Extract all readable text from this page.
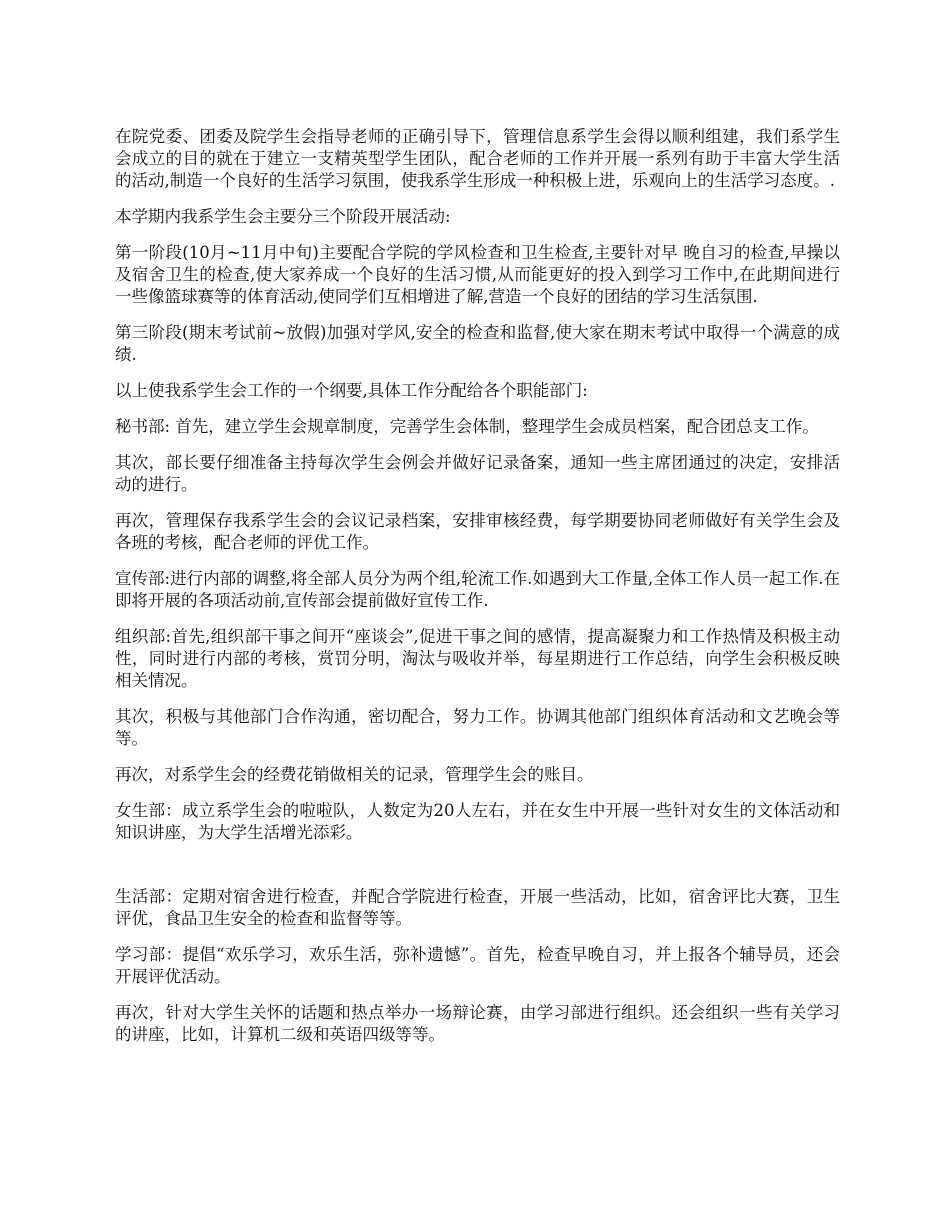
在院党委、团委及院学生会指导老师的正确引导下，管理信息系学生会得以顺利组建，我们系学生会成立的目的就在于建立一支精英型学生团队，配合老师的工作并开展一系列有助于丰富大学生活的活动,制造一个良好的生活学习氛围，使我系学生形成一种积极上进，乐观向上的生活学习态度。.

本学期内我系学生会主要分三个阶段开展活动:

第一阶段(10月~11月中旬)主要配合学院的学风检查和卫生检查,主要针对早 晚自习的检查,早操以及宿舍卫生的检查,使大家养成一个良好的生活习惯,从而能更好的投入到学习工作中,在此期间进行一些像篮球赛等的体育活动,使同学们互相增进了解,营造一个良好的团结的学习生活氛围.

第三阶段(期末考试前~放假)加强对学风,安全的检查和监督,使大家在期末考试中取得一个满意的成绩.

以上使我系学生会工作的一个纲要,具体工作分配给各个职能部门:

秘书部: 首先，建立学生会规章制度，完善学生会体制，整理学生会成员档案，配合团总支工作。

其次，部长要仔细准备主持每次学生会例会并做好记录备案，通知一些主席团通过的决定，安排活动的进行。

再次，管理保存我系学生会的会议记录档案，安排审核经费，每学期要协同老师做好有关学生会及各班的考核，配合老师的评优工作。

宣传部:进行内部的调整,将全部人员分为两个组,轮流工作.如遇到大工作量,全体工作人员一起工作.在即将开展的各项活动前,宣传部会提前做好宣传工作.

组织部:首先,组织部干事之间开“座谈会”,促进干事之间的感情，提高凝聚力和工作热情及积极主动性，同时进行内部的考核，赏罚分明，淘汰与吸收并举，每星期进行工作总结，向学生会积极反映相关情况。

其次，积极与其他部门合作沟通，密切配合，努力工作。协调其他部门组织体育活动和文艺晚会等等。

再次，对系学生会的经费花销做相关的记录，管理学生会的账目。

女生部：成立系学生会的啦啦队，人数定为20人左右，并在女生中开展一些针对女生的文体活动和知识讲座，为大学生活增光添彩。

生活部：定期对宿舍进行检查，并配合学院进行检查，开展一些活动，比如，宿舍评比大赛，卫生评优，食品卫生安全的检查和监督等等。

学习部：提倡“欢乐学习，欢乐生活，弥补遗憾”。首先，检查早晚自习，并上报各个辅导员，还会开展评优活动。

再次，针对大学生关怀的话题和热点举办一场辩论赛，由学习部进行组织。还会组织一些有关学习的讲座，比如，计算机二级和英语四级等等。
